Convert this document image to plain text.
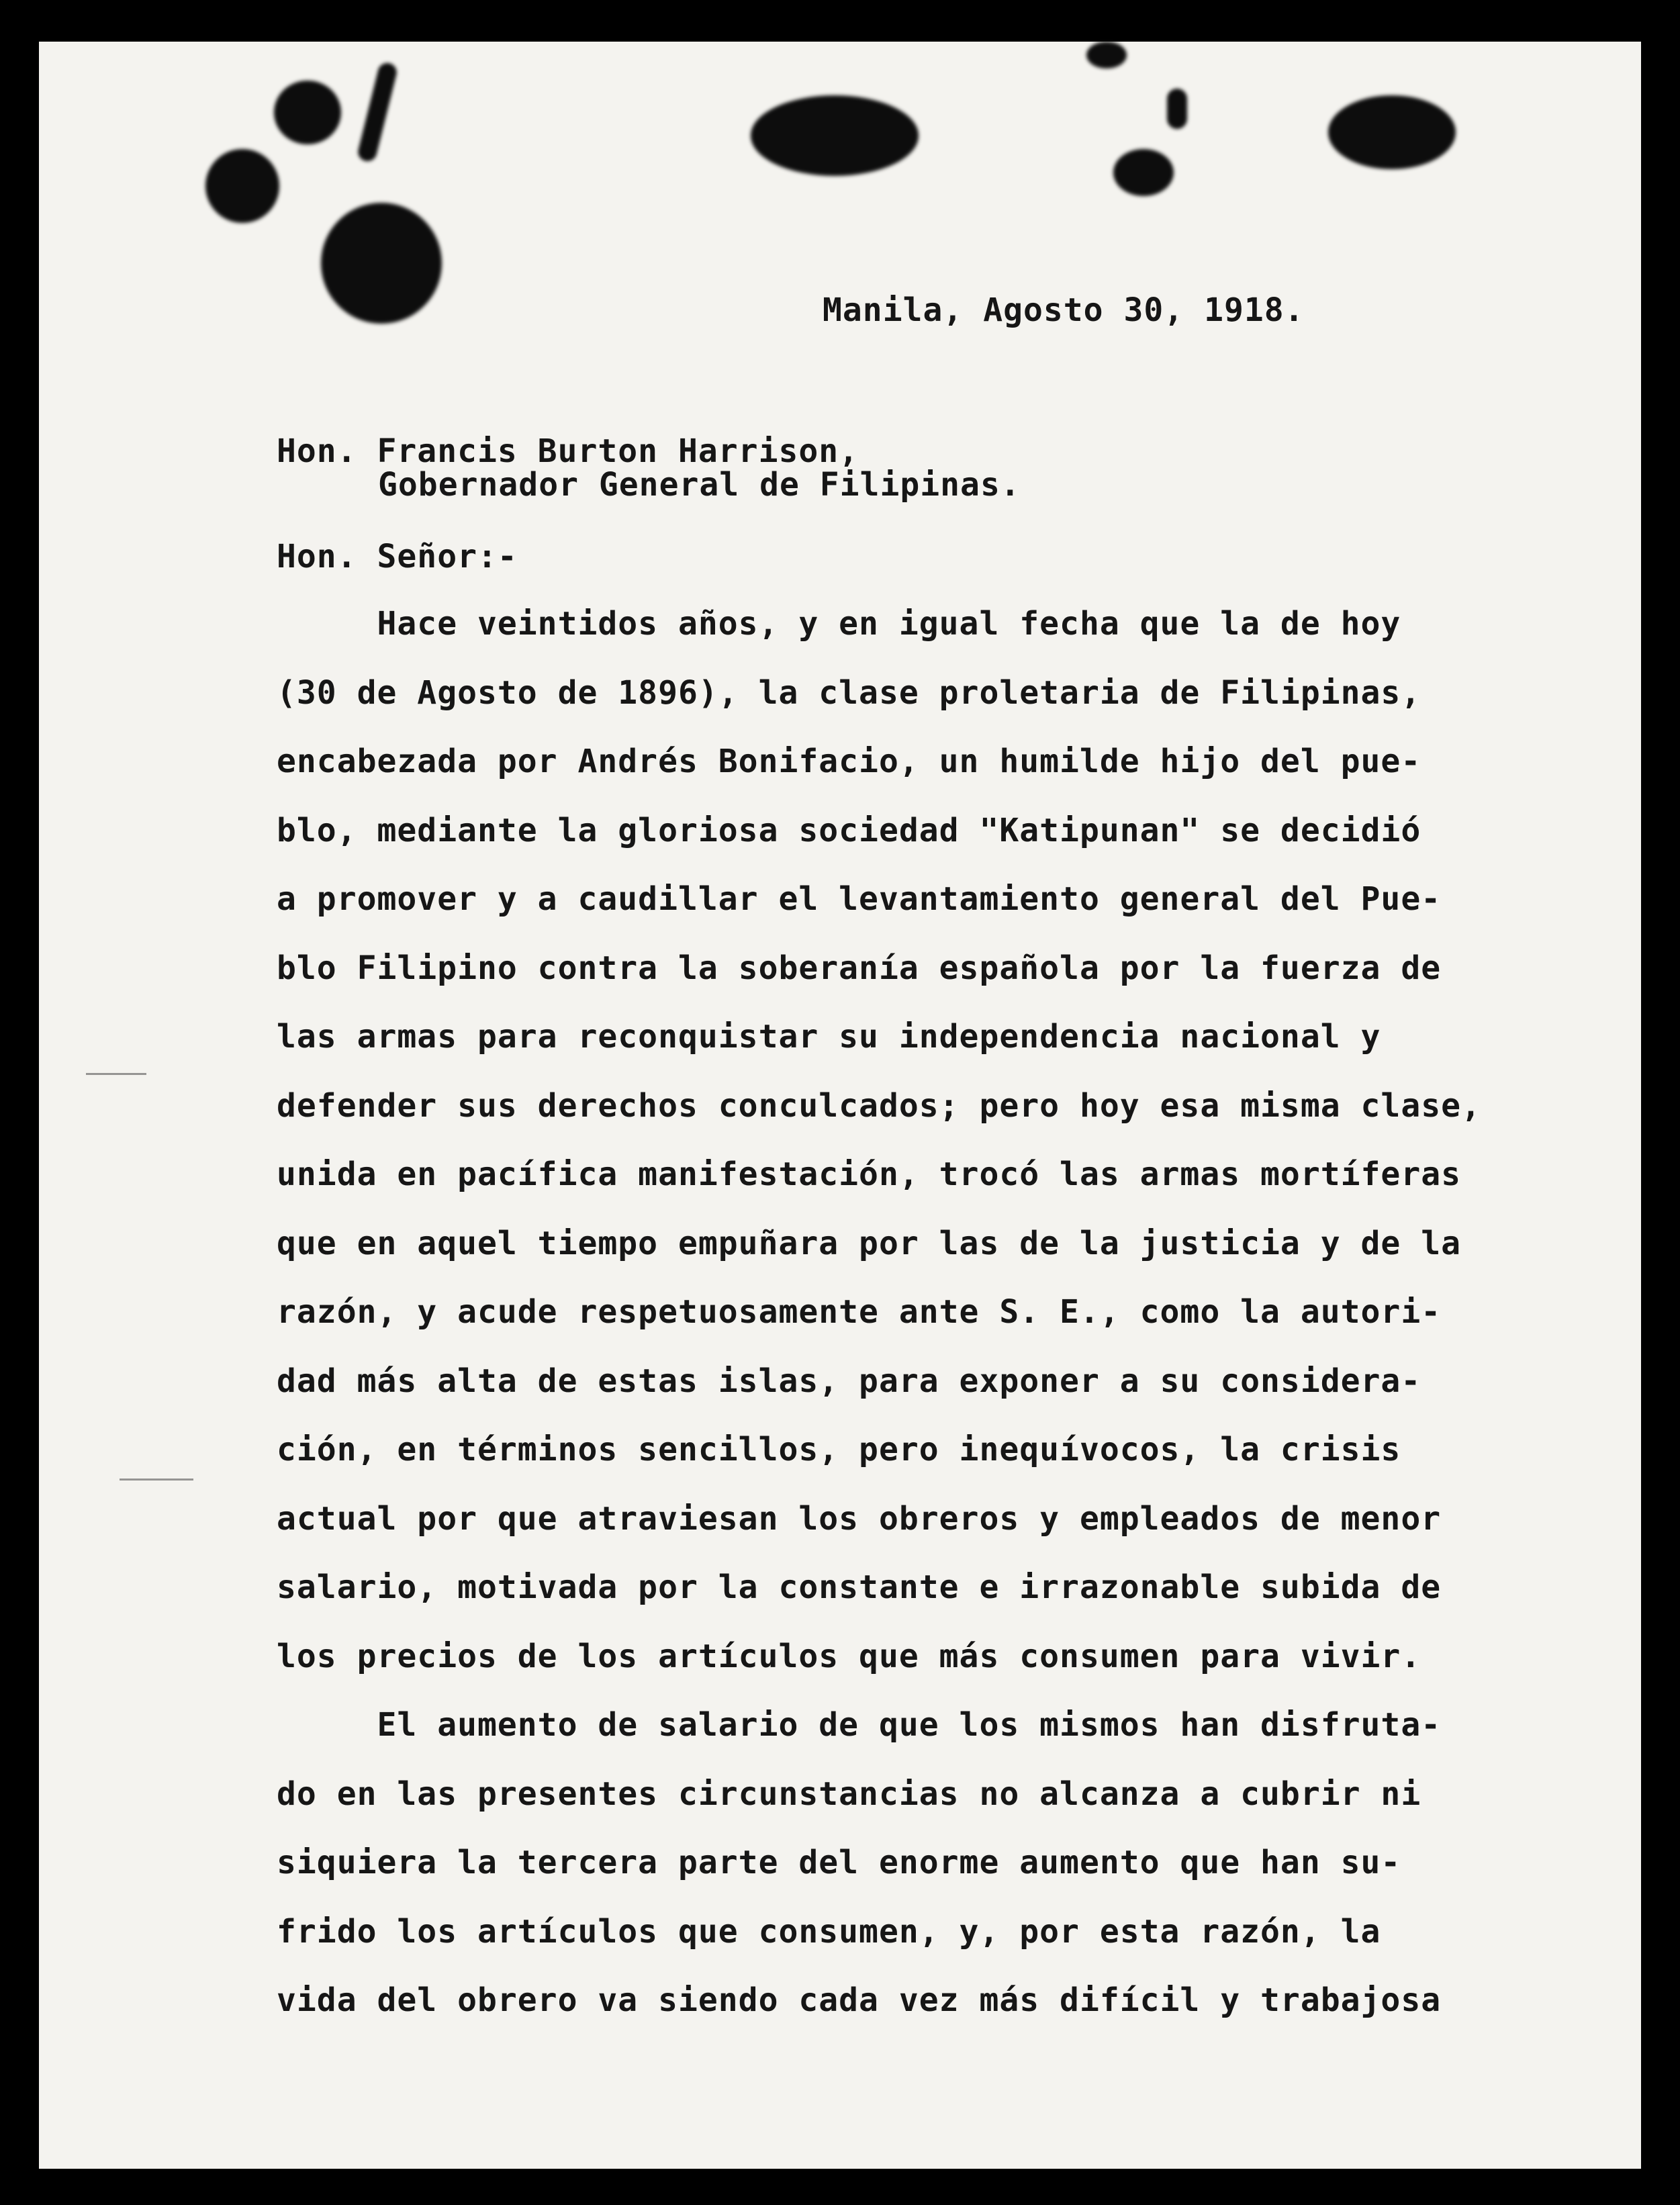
Manila, Agosto 30, 1918.
Hon. Francis Burton Harrison,
Gobernador General de Filipinas.
Hon. Señor:-
Hace veintidos años, y en igual fecha que la de hoy
(30 de Agosto de 1896), la clase proletaria de Filipinas,
encabezada por Andrés Bonifacio, un humilde hijo del pue-
blo, mediante la gloriosa sociedad "Katipunan" se decidió
a promover y a caudillar el levantamiento general del Pue-
blo Filipino contra la soberanía española por la fuerza de
las armas para reconquistar su independencia nacional y
defender sus derechos conculcados; pero hoy esa misma clase,
unida en pacífica manifestación, trocó las armas mortíferas
que en aquel tiempo empuñara por las de la justicia y de la
razón, y acude respetuosamente ante S. E., como la autori-
dad más alta de estas islas, para exponer a su considera-
ción, en términos sencillos, pero inequívocos, la crisis
actual por que atraviesan los obreros y empleados de menor
salario, motivada por la constante e irrazonable subida de
los precios de los artículos que más consumen para vivir.
El aumento de salario de que los mismos han disfruta-
do en las presentes circunstancias no alcanza a cubrir ni
siquiera la tercera parte del enorme aumento que han su-
frido los artículos que consumen, y, por esta razón, la
vida del obrero va siendo cada vez más difícil y trabajosa
